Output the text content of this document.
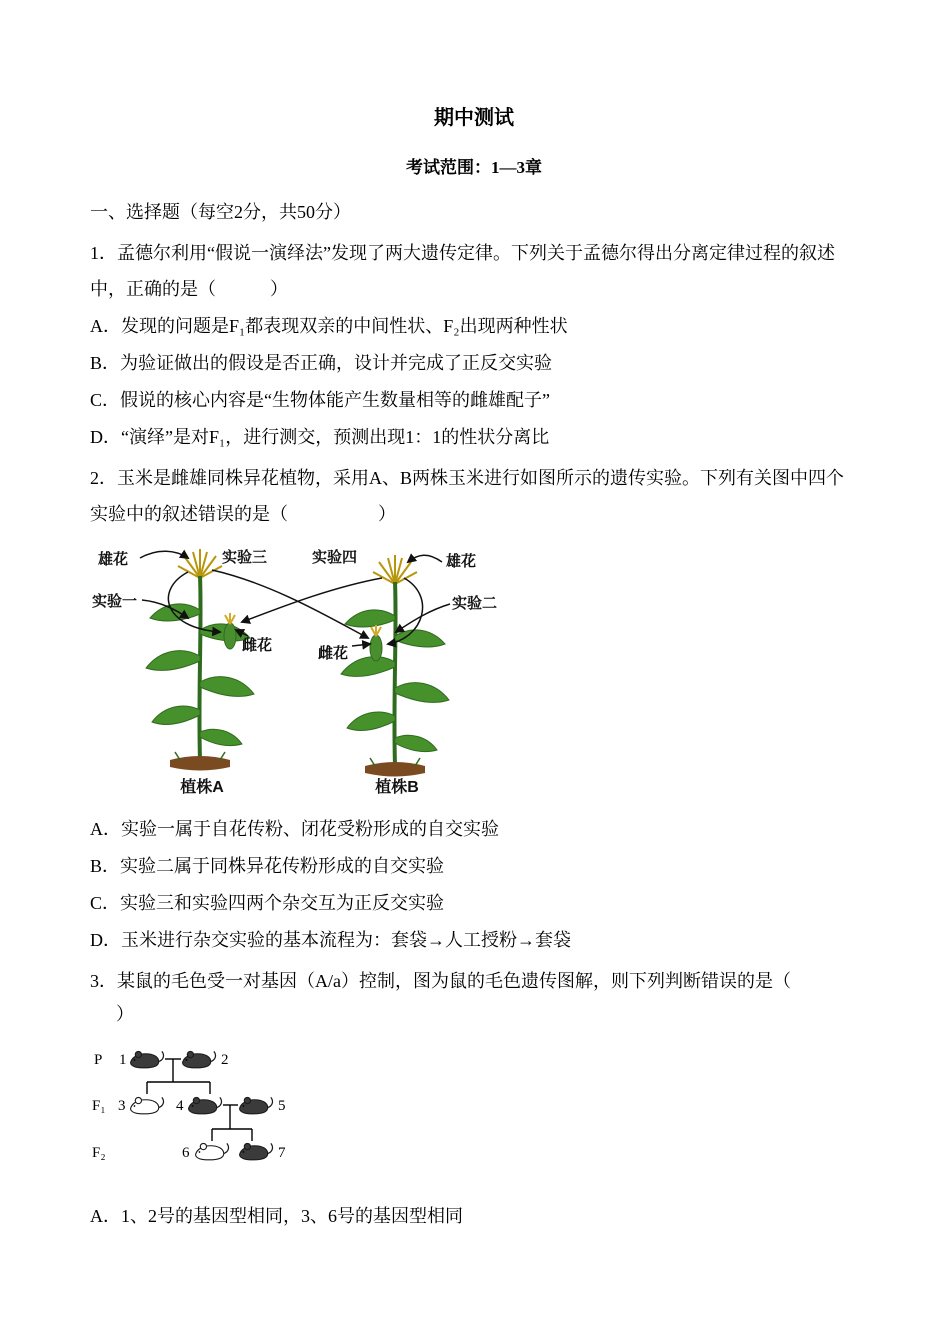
期中测试
考试范围：1—3章
一、选择题（每空2分，共50分）

1．孟德尔利用“假说一演绎法”发现了两大遗传定律。下列关于孟德尔得出分离定律过程的叙述中，正确的是（　　　）

A．发现的问题是F₁都表现双亲的中间性状、F₂出现两种性状

B．为验证做出的假设是否正确，设计并完成了正反交实验

C．假说的核心内容是“生物体能产生数量相等的雌雄配子”

D．“演绎”是对F₁，进行测交，预测出现1：1的性状分离比

2．玉米是雌雄同株异花植物，采用A、B两株玉米进行如图所示的遗传实验。下列有关图中四个实验中的叙述错误的是（　　　　　）

雄花	实验三	实验四	雄花
实验一	实验二
雌花	雌花
植株A	植株B

A．实验一属于自花传粉、闭花受粉形成的自交实验

B．实验二属于同株异花传粉形成的自交实验

C．实验三和实验四两个杂交互为正反交实验

D．玉米进行杂交实验的基本流程为：套袋→人工授粉→套袋

3．某鼠的毛色受一对基因（A/a）控制，图为鼠的毛色遗传图解，则下列判断错误的是（

）

P
F₁
F₂
1	2
3	4	5
6	7

A．1、2号的基因型相同，3、6号的基因型相同
